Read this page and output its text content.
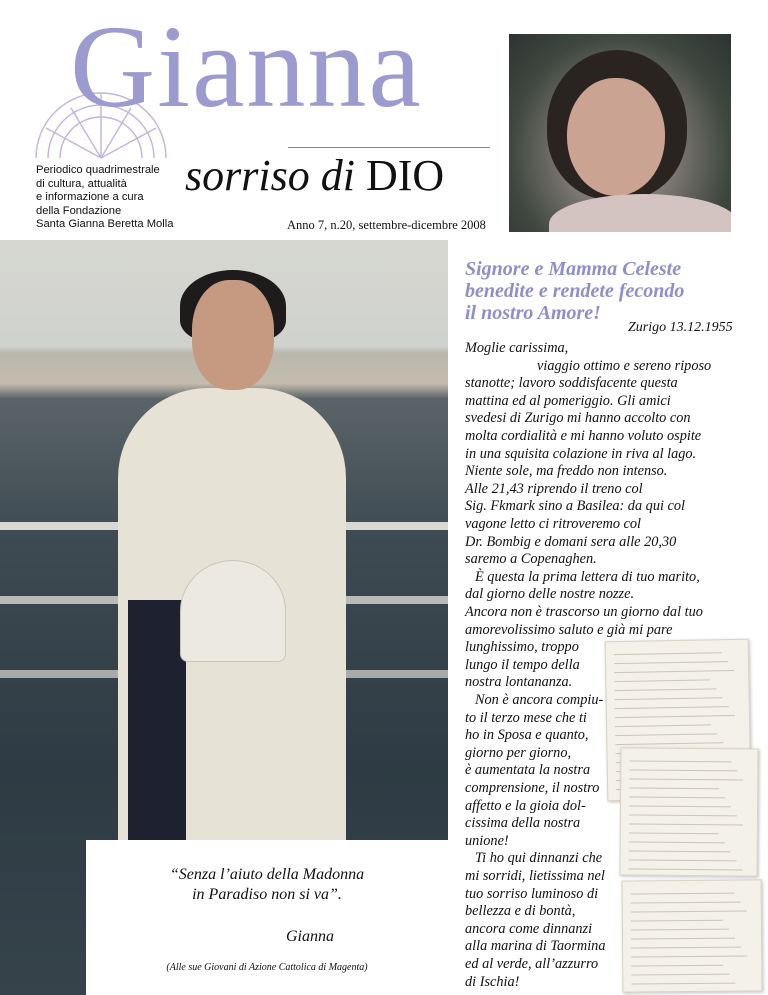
Gianna
sorriso di DIO
Periodico quadrimestrale
di cultura, attualità
e informazione a cura
della Fondazione
Santa Gianna Beretta Molla	Anno 7, n.20, settembre-dicembre 2008
“Senza l’aiuto della Madonna
in Paradiso non si va”.
Gianna
(Alle sue Giovani di Azione Cattolica di Magenta)
Signore e Mamma Celeste
benedite e rendete fecondo
il nostro Amore!
Zurigo 13.12.1955
Moglie carissima,
viaggio ottimo e sereno riposo
stanotte; lavoro soddisfacente questa
mattina ed al pomeriggio. Gli amici
svedesi di Zurigo mi hanno accolto con
molta cordialità e mi hanno voluto ospite
in una squisita colazione in riva al lago.
Niente sole, ma freddo non intenso.
Alle 21,43 riprendo il treno col
Sig. Fkmark sino a Basilea: da qui col
vagone letto ci ritroveremo col
Dr. Bombig e domani sera alle 20,30
saremo a Copenaghen.
È questa la prima lettera di tuo marito,
dal giorno delle nostre nozze.
Ancora non è trascorso un giorno dal tuo
amorevolissimo saluto e già mi pare
lunghissimo, troppo
lungo il tempo della
nostra lontananza.
Non è ancora compiu-
to il terzo mese che ti
ho in Sposa e quanto,
giorno per giorno,
è aumentata la nostra
comprensione, il nostro
affetto e la gioia dol-
cissima della nostra
unione!
Ti ho qui dinnanzi che
mi sorridi, lietissima nel
tuo sorriso luminoso di
bellezza e di bontà,
ancora come dinnanzi
alla marina di Taormina
ed al verde, all’azzurro
di Ischia!
